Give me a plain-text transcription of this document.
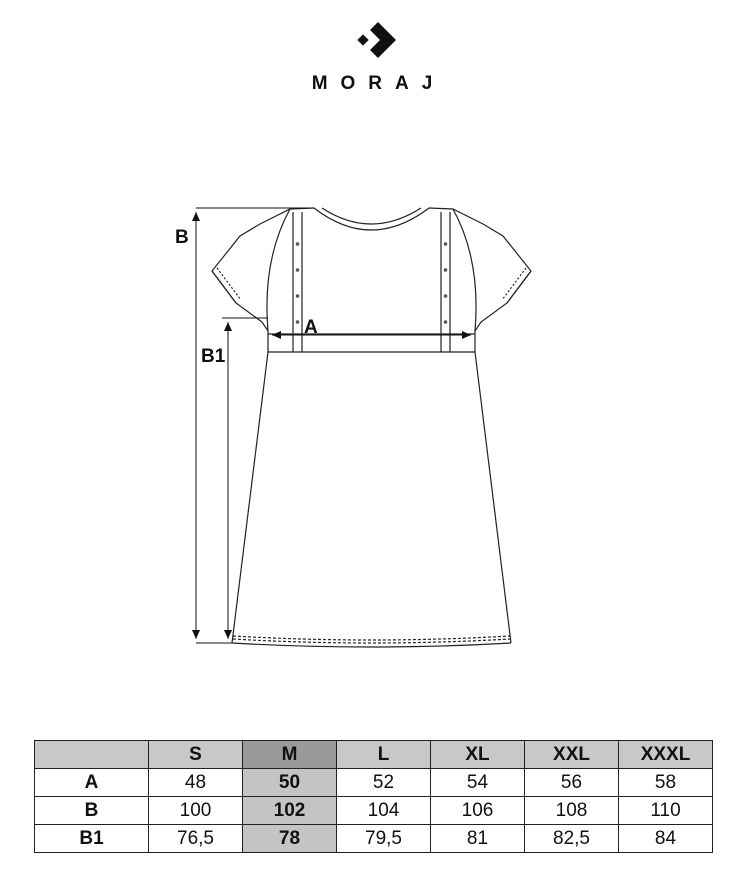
MORAJ
B
B1
A
	S	M	L	XL	XXL	XXXL
A	48	50	52	54	56	58
B	100	102	104	106	108	110
B1	76,5	78	79,5	81	82,5	84
